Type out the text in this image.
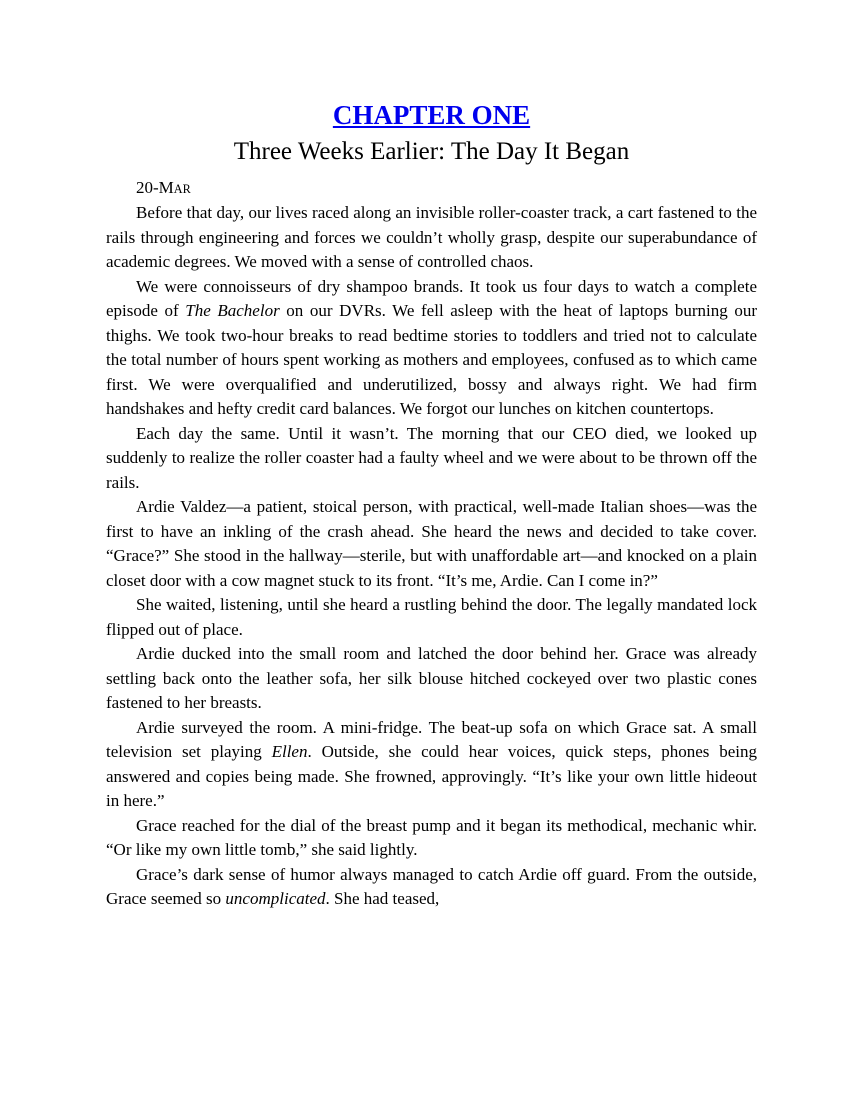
CHAPTER ONE
Three Weeks Earlier: The Day It Began

20-MAR

Before that day, our lives raced along an invisible roller-coaster track, a cart fastened to the rails through engineering and forces we couldn’t wholly grasp, despite our superabundance of academic degrees. We moved with a sense of controlled chaos.

We were connoisseurs of dry shampoo brands. It took us four days to watch a complete episode of The Bachelor on our DVRs. We fell asleep with the heat of laptops burning our thighs. We took two-hour breaks to read bedtime stories to toddlers and tried not to calculate the total number of hours spent working as mothers and employees, confused as to which came first. We were overqualified and underutilized, bossy and always right. We had firm handshakes and hefty credit card balances. We forgot our lunches on kitchen countertops.

Each day the same. Until it wasn’t. The morning that our CEO died, we looked up suddenly to realize the roller coaster had a faulty wheel and we were about to be thrown off the rails.

Ardie Valdez—a patient, stoical person, with practical, well-made Italian shoes—was the first to have an inkling of the crash ahead. She heard the news and decided to take cover. “Grace?” She stood in the hallway—sterile, but with unaffordable art—and knocked on a plain closet door with a cow magnet stuck to its front. “It’s me, Ardie. Can I come in?”

She waited, listening, until she heard a rustling behind the door. The legally mandated lock flipped out of place.

Ardie ducked into the small room and latched the door behind her. Grace was already settling back onto the leather sofa, her silk blouse hitched cockeyed over two plastic cones fastened to her breasts.

Ardie surveyed the room. A mini-fridge. The beat-up sofa on which Grace sat. A small television set playing Ellen. Outside, she could hear voices, quick steps, phones being answered and copies being made. She frowned, approvingly. “It’s like your own little hideout in here.”

Grace reached for the dial of the breast pump and it began its methodical, mechanic whir. “Or like my own little tomb,” she said lightly.

Grace’s dark sense of humor always managed to catch Ardie off guard. From the outside, Grace seemed so uncomplicated. She had teased,
